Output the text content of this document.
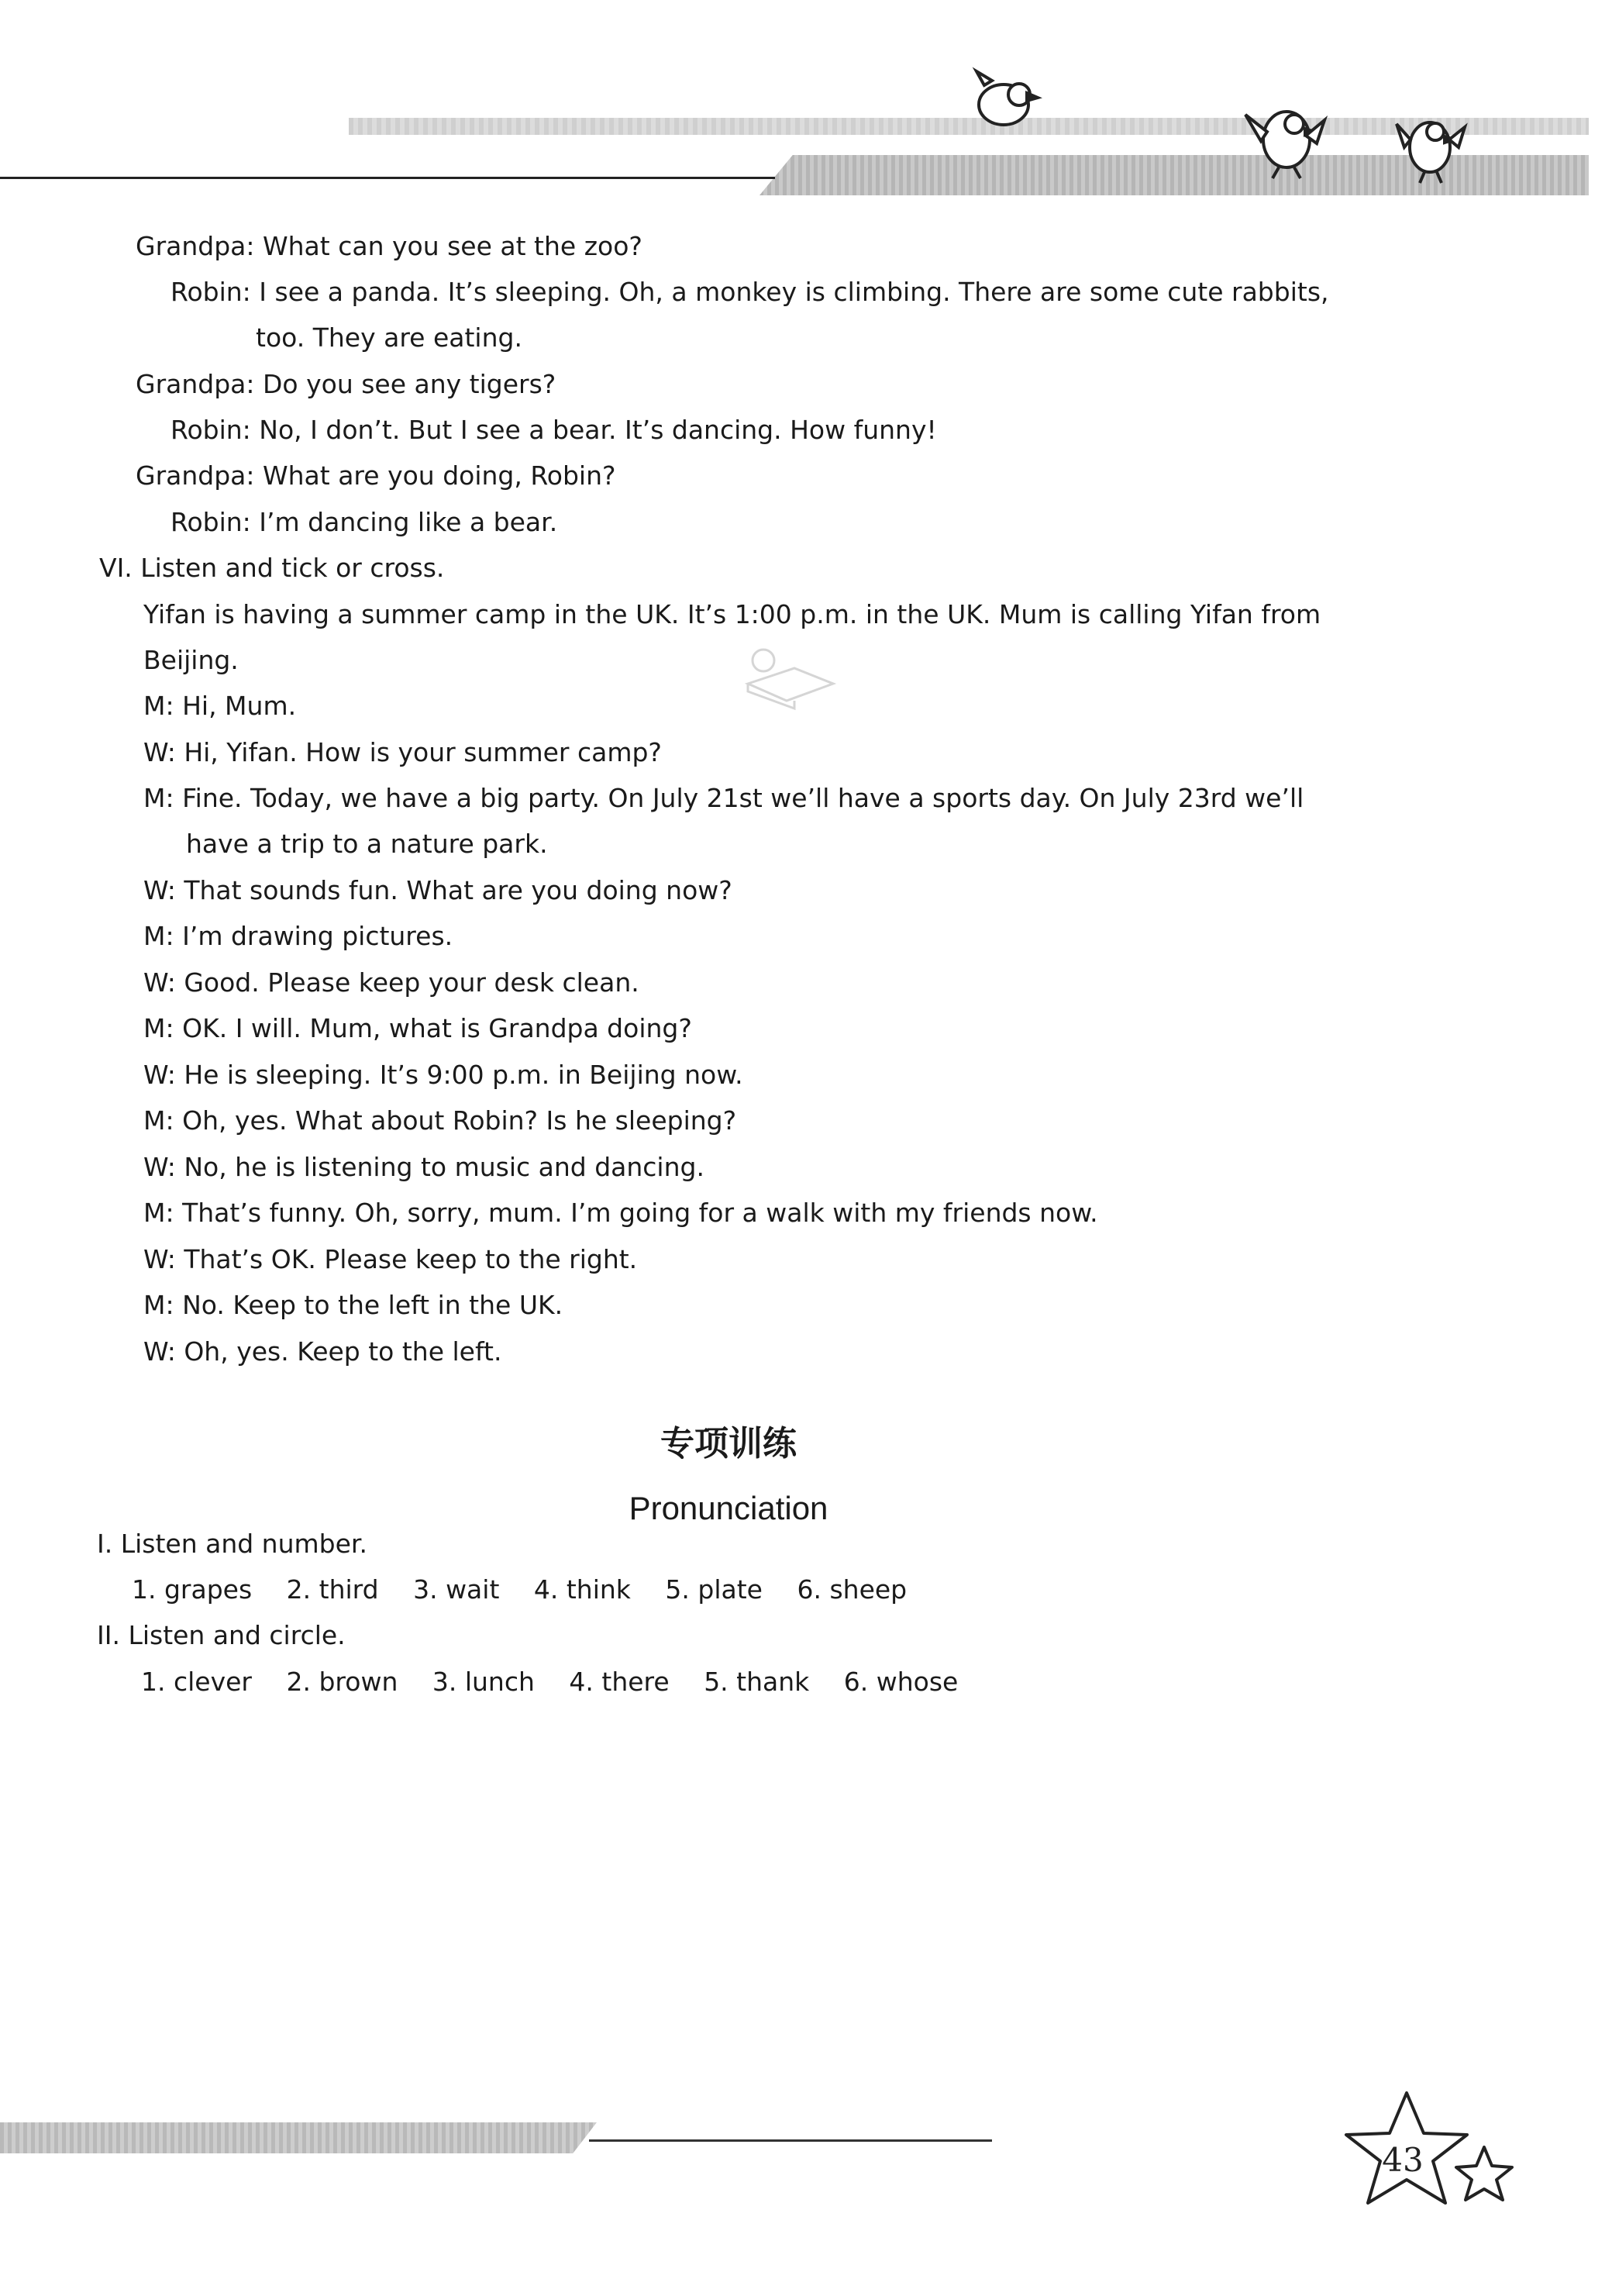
Grandpa: What can you see at the zoo?
Robin: I see a panda. It’s sleeping. Oh, a monkey is climbing. There are some cute rabbits,
too. They are eating.
Grandpa: Do you see any tigers?
Robin: No, I don’t. But I see a bear. It’s dancing. How funny!
Grandpa: What are you doing, Robin?
Robin: I’m dancing like a bear.
VI. Listen and tick or cross.
Yifan is having a summer camp in the UK. It’s 1:00 p.m. in the UK. Mum is calling Yifan from
Beijing.
M: Hi, Mum.
W: Hi, Yifan. How is your summer camp?
M: Fine. Today, we have a big party. On July 21st we’ll have a sports day. On July 23rd we’ll
have a trip to a nature park.
W: That sounds fun. What are you doing now?
M: I’m drawing pictures.
W: Good. Please keep your desk clean.
M: OK. I will. Mum, what is Grandpa doing?
W: He is sleeping. It’s 9:00 p.m. in Beijing now.
M: Oh, yes. What about Robin? Is he sleeping?
W: No, he is listening to music and dancing.
M: That’s funny. Oh, sorry, mum. I’m going for a walk with my friends now.
W: That’s OK. Please keep to the right.
M: No. Keep to the left in the UK.
W: Oh, yes. Keep to the left.
专项训练
Pronunciation
I. Listen and number.
1. grapes 2. third 3. wait 4. think 5. plate 6. sheep
II. Listen and circle.
1. clever 2. brown 3. lunch 4. there 5. thank 6. whose
43
